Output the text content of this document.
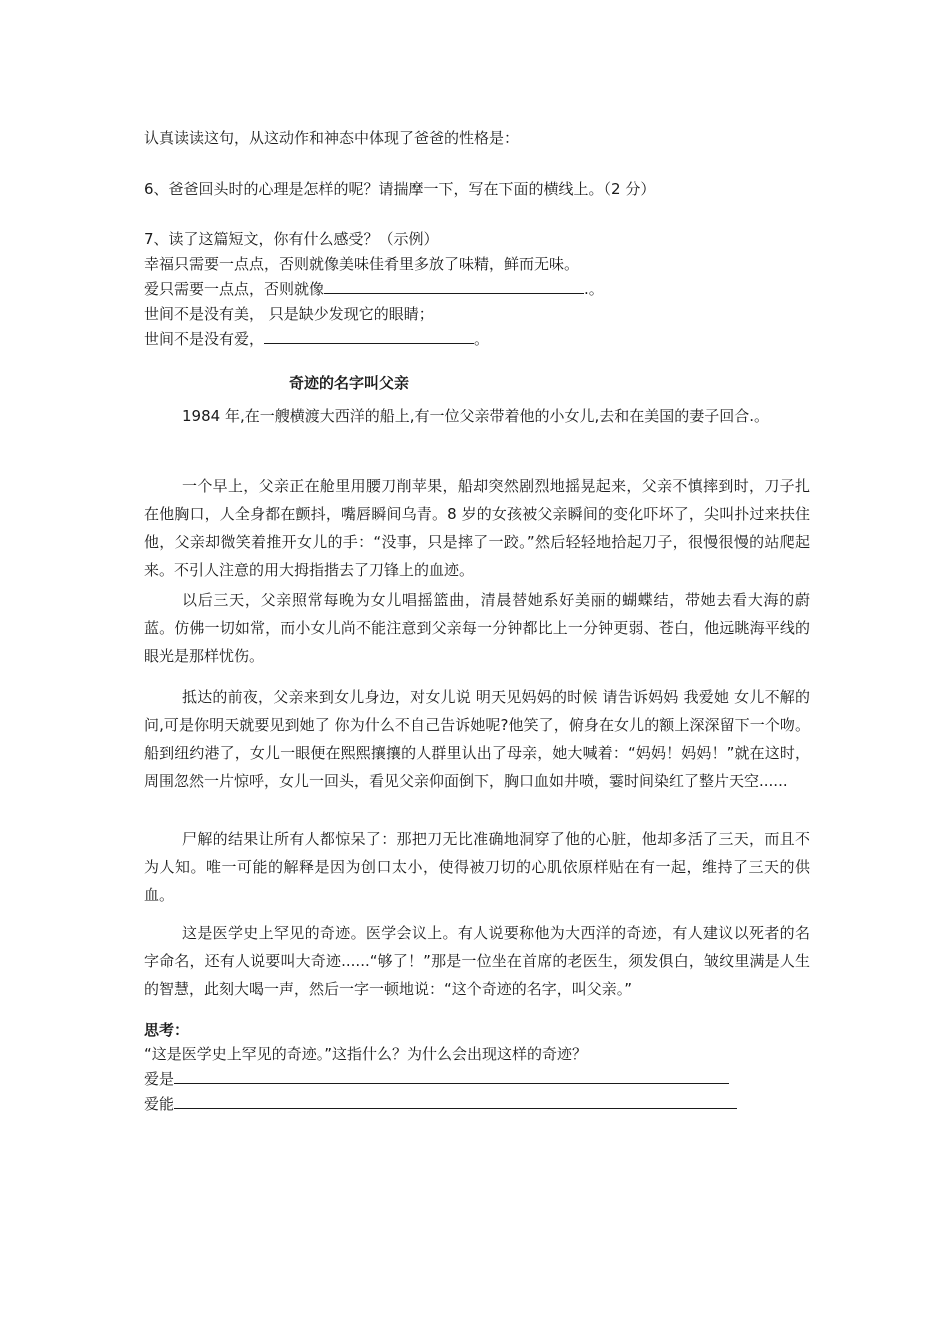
认真读读这句，从这动作和神态中体现了爸爸的性格是：
6、爸爸回头时的心理是怎样的呢？请揣摩一下，写在下面的横线上。（2 分）
7、读了这篇短文，你有什么感受？（示例）
幸福只需要一点点，否则就像美味佳肴里多放了味精，鲜而无味。
爱只需要一点点，否则就像	.。
世间不是没有美， 只是缺少发现它的眼睛；
世间不是没有爱，	。
奇迹的名字叫父亲
1984 年,在一艘横渡大西洋的船上,有一位父亲带着他的小女儿,去和在美国的妻子回合.。
一个早上，父亲正在舱里用腰刀削苹果，船却突然剧烈地摇晃起来，父亲不慎摔到时，刀子扎在他胸口，人全身都在颤抖，嘴唇瞬间乌青。8 岁的女孩被父亲瞬间的变化吓坏了，尖叫扑过来扶住他，父亲却微笑着推开女儿的手：“没事，只是摔了一跤。”然后轻轻地拾起刀子，很慢很慢的站爬起来。不引人注意的用大拇指揩去了刀锋上的血迹。
以后三天，父亲照常每晚为女儿唱摇篮曲，清晨替她系好美丽的蝴蝶结，带她去看大海的蔚蓝。仿佛一切如常，而小女儿尚不能注意到父亲每一分钟都比上一分钟更弱、苍白，他远眺海平线的眼光是那样忧伤。
抵达的前夜，父亲来到女儿身边，对女儿说 明天见妈妈的时候 请告诉妈妈 我爱她 女儿不解的问,可是你明天就要见到她了 你为什么不自己告诉她呢?他笑了，俯身在女儿的额上深深留下一个吻。船到纽约港了，女儿一眼便在熙熙攘攘的人群里认出了母亲，她大喊着：“妈妈！妈妈！”就在这时，周围忽然一片惊呼，女儿一回头，看见父亲仰面倒下，胸口血如井喷，霎时间染红了整片天空......
尸解的结果让所有人都惊呆了：那把刀无比准确地洞穿了他的心脏，他却多活了三天，而且不为人知。唯一可能的解释是因为创口太小，使得被刀切的心肌依原样贴在有一起，维持了三天的供血。
这是医学史上罕见的奇迹。医学会议上。有人说要称他为大西洋的奇迹，有人建议以死者的名字命名，还有人说要叫大奇迹......“够了！”那是一位坐在首席的老医生，须发俱白，皱纹里满是人生的智慧，此刻大喝一声，然后一字一顿地说：“这个奇迹的名字，叫父亲。”
思考：
“这是医学史上罕见的奇迹。”这指什么？为什么会出现这样的奇迹？
爱是
爱能
